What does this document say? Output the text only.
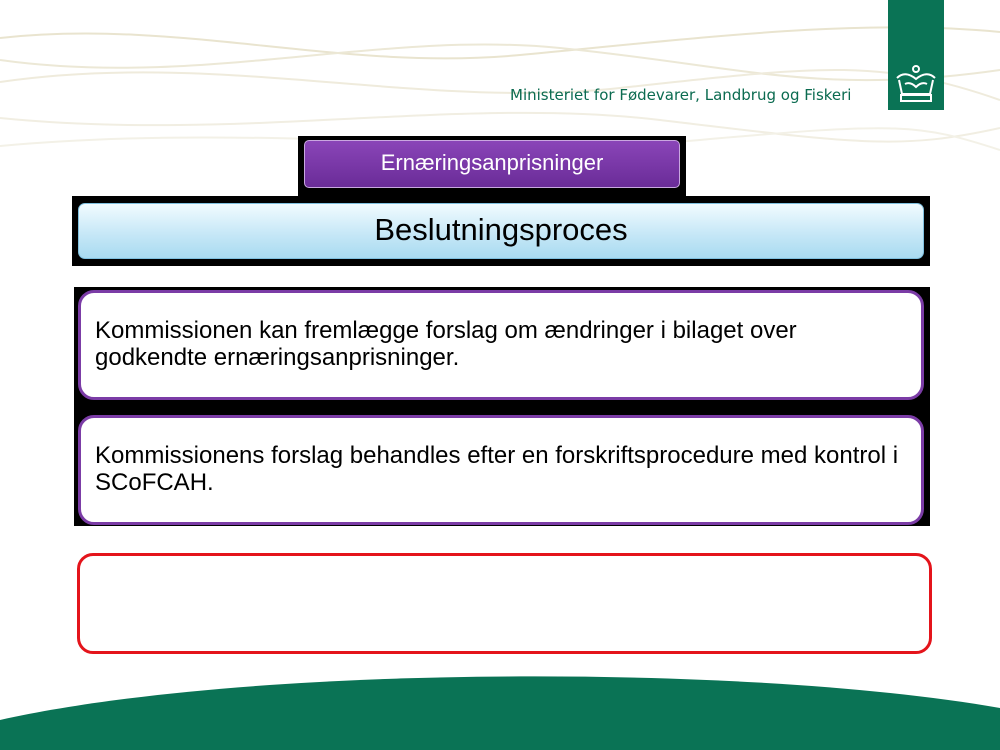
Ministeriet for Fødevarer, Landbrug og Fiskeri
Ernæringsanprisninger
Beslutningsproces
Kommissionen kan fremlægge forslag om ændringer i bilaget over godkendte ernæringsanprisninger.
Kommissionens forslag behandles efter en forskriftsprocedure med kontrol i SCoFCAH.
